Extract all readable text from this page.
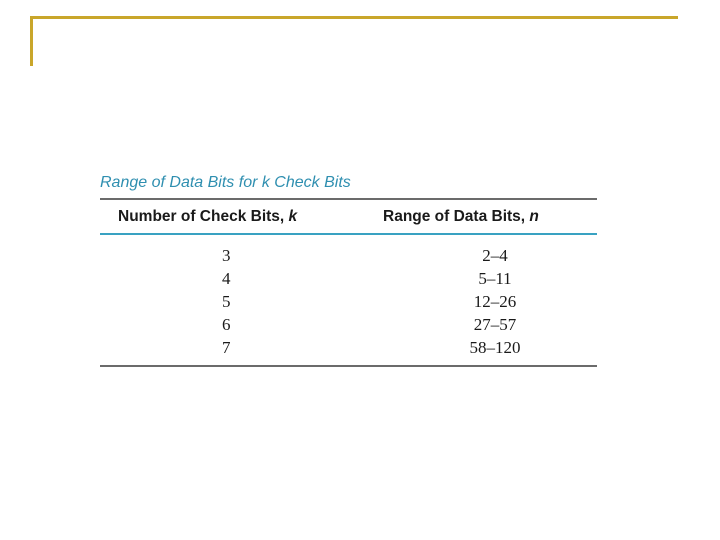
Range of Data Bits for k Check Bits
Number of Check Bits, k	Range of Data Bits, n
3	2–4
4	5–11
5	12–26
6	27–57
7	58–120
